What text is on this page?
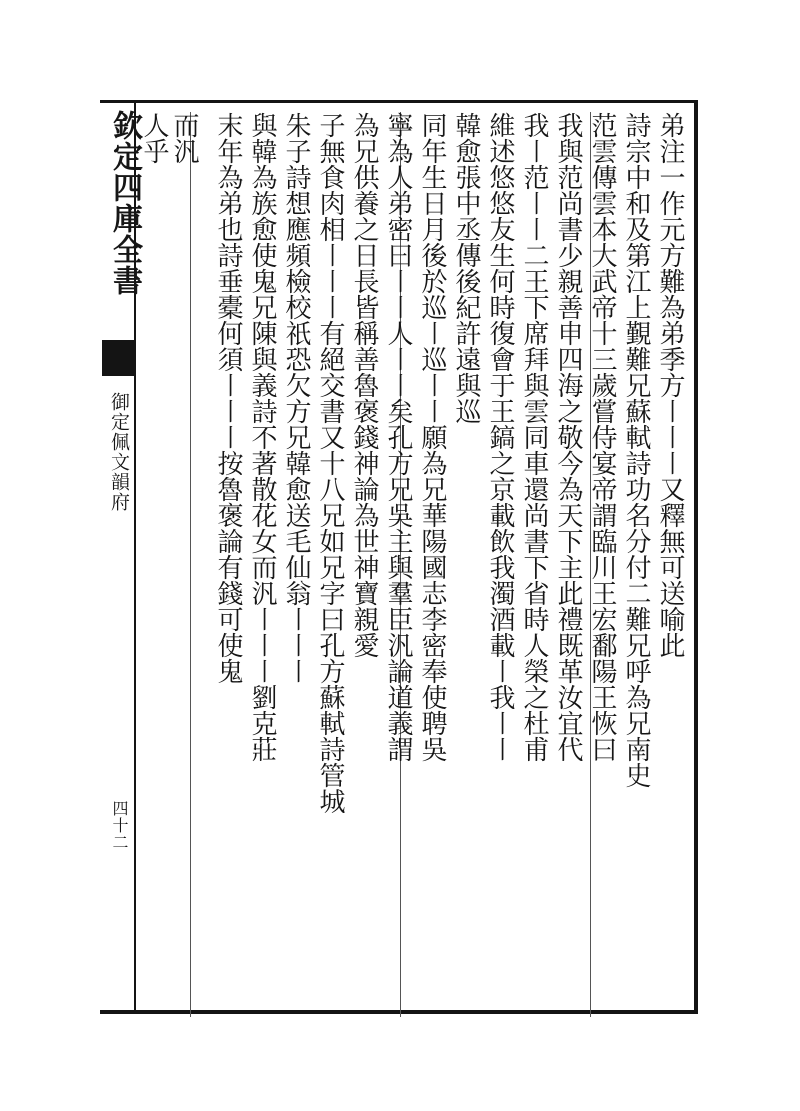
欽定四庫全書
御定佩文韻府
四十二
弟注一作元方難為弟季方〡〡〡又釋無可送喻此
詩宗中和及第江上覲難兄蘇軾詩功名分付二難兄呼為兄南史
范雲傳雲本大武帝十三歲嘗侍宴帝謂臨川王宏鄱陽王恢曰
我與范尚書少親善申四海之敬今為天下主此禮既革汝宜代
我〡范〡〡二王下席拜與雲同車還尚書下省時人榮之杜甫
維述悠悠友生何時復會于王鎬之京載飲我濁酒載〡我〡〡
韓愈張中丞傳後紀許遠與巡
同年生日月後於巡〡巡〡〡願為兄華陽國志李密奉使聘吳
寧為人弟密曰〡〡人〡〡矣孔方兄吳主與羣臣汎論道義謂
為兄供養之日長皆稱善魯褒錢神論為世神寶親愛
子無食肉相〡〡〡有絕交書又十八兄如兄字曰孔方蘇軾詩管城
朱子詩想應頻檢校祇恐欠方兄韓愈送毛仙翁〡〡〡
與韓為族愈使鬼兄陳與義詩不著散花女而汎〡〡〡劉克莊
末年為弟也詩垂橐何須〡〡〡按魯褒論有錢可使鬼
而汎
人乎
